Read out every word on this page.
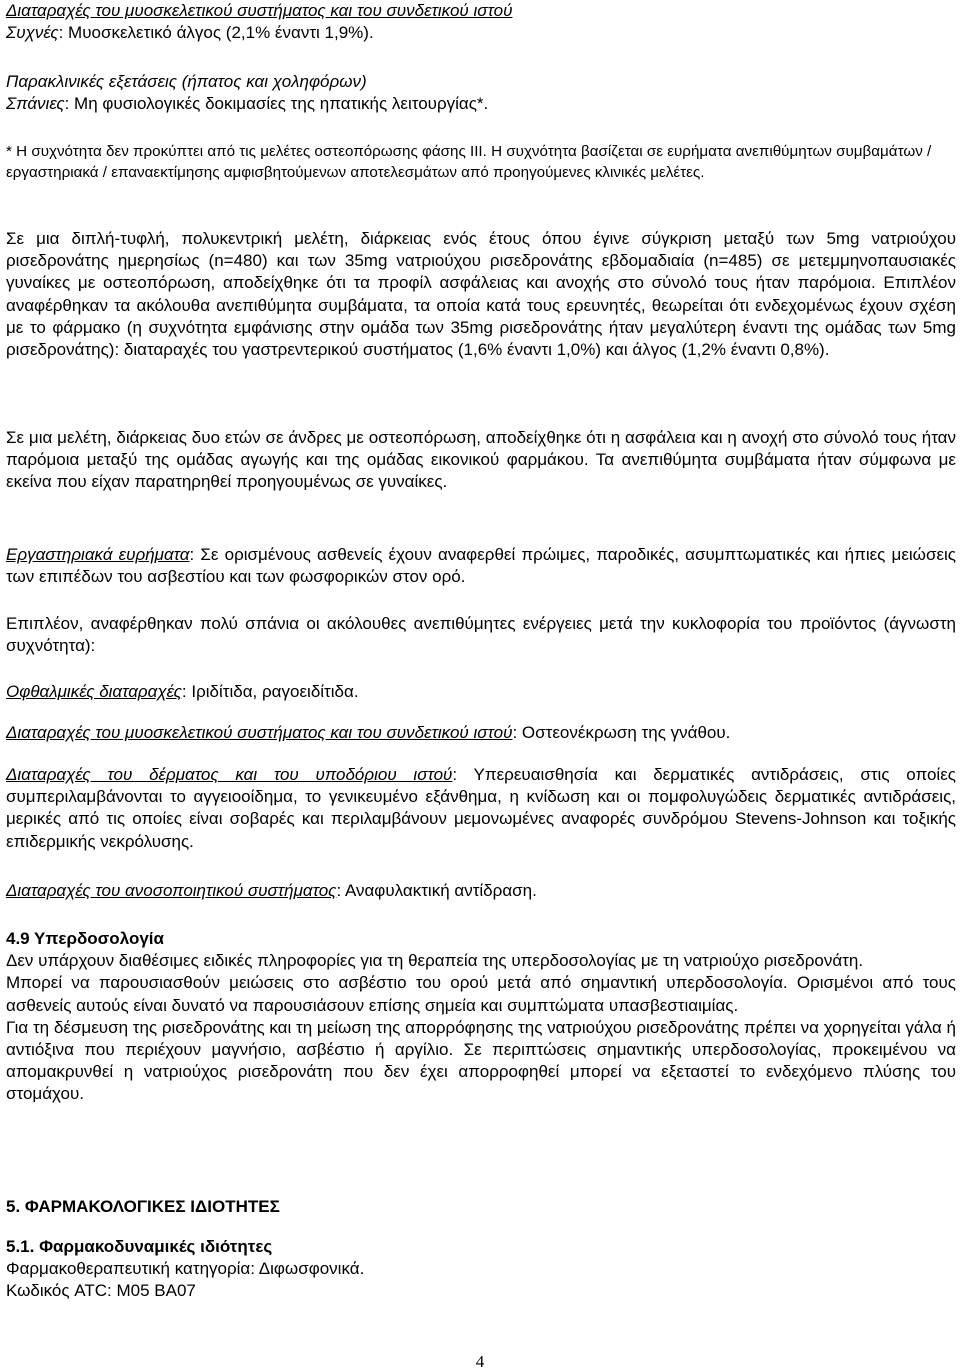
Διαταραχές του μυοσκελετικού συστήματος και του συνδετικού ιστού
Συχνές: Μυοσκελετικό άλγος (2,1% έναντι 1,9%).

Παρακλινικές εξετάσεις (ήπατος και χοληφόρων)
Σπάνιες: Μη φυσιολογικές δοκιμασίες της ηπατικής λειτουργίας*.

* Η συχνότητα δεν προκύπτει από τις μελέτες οστεοπόρωσης φάσης III. Η συχνότητα βασίζεται σε ευρήματα ανεπιθύμητων συμβαμάτων / εργαστηριακά / επαναεκτίμησης αμφισβητούμενων αποτελεσμάτων από προηγούμενες κλινικές μελέτες.

Σε μια διπλή-τυφλή, πολυκεντρική μελέτη, διάρκειας ενός έτους όπου έγινε σύγκριση μεταξύ των 5mg νατριούχου ρισεδρονάτης ημερησίως (n=480) και των 35mg νατριούχου ρισεδρονάτης εβδομαδιαία (n=485) σε μετεμμηνοπαυσιακές γυναίκες με οστεοπόρωση, αποδείχθηκε ότι τα προφίλ ασφάλειας και ανοχής στο σύνολό τους ήταν παρόμοια. Επιπλέον αναφέρθηκαν τα ακόλουθα ανεπιθύμητα συμβάματα, τα οποία κατά τους ερευνητές, θεωρείται ότι ενδεχομένως έχουν σχέση με το φάρμακο (η συχνότητα εμφάνισης στην ομάδα των 35mg ρισεδρονάτης ήταν μεγαλύτερη έναντι της ομάδας των 5mg ρισεδρονάτης): διαταραχές του γαστρεντερικού συστήματος (1,6% έναντι 1,0%) και άλγος (1,2% έναντι 0,8%).

Σε μια μελέτη, διάρκειας δυο ετών σε άνδρες με οστεοπόρωση, αποδείχθηκε ότι η ασφάλεια και η ανοχή στο σύνολό τους ήταν παρόμοια μεταξύ της ομάδας αγωγής και της ομάδας εικονικού φαρμάκου. Τα ανεπιθύμητα συμβάματα ήταν σύμφωνα με εκείνα που είχαν παρατηρηθεί προηγουμένως σε γυναίκες.

Εργαστηριακά ευρήματα: Σε ορισμένους ασθενείς έχουν αναφερθεί πρώιμες, παροδικές, ασυμπτωματικές και ήπιες μειώσεις των επιπέδων του ασβεστίου και των φωσφορικών στον ορό.

Επιπλέον, αναφέρθηκαν πολύ σπάνια οι ακόλουθες ανεπιθύμητες ενέργειες μετά την κυκλοφορία του προϊόντος (άγνωστη συχνότητα):

Οφθαλμικές διαταραχές: Ιριδίτιδα, ραγοειδίτιδα.

Διαταραχές του μυοσκελετικού συστήματος και του συνδετικού ιστού: Οστεονέκρωση της γνάθου.

Διαταραχές του δέρματος και του υποδόριου ιστού: Υπερευαισθησία και δερματικές αντιδράσεις, στις οποίες συμπεριλαμβάνονται το αγγειοοίδημα, το γενικευμένο εξάνθημα, η κνίδωση και οι πομφολυγώδεις δερματικές αντιδράσεις, μερικές από τις οποίες είναι σοβαρές και περιλαμβάνουν μεμονωμένες αναφορές συνδρόμου Stevens-Johnson και τοξικής επιδερμικής νεκρόλυσης.

Διαταραχές του ανοσοποιητικού συστήματος: Αναφυλακτική αντίδραση.

4.9 Υπερδοσολογία
Δεν υπάρχουν διαθέσιμες ειδικές πληροφορίες για τη θεραπεία της υπερδοσολογίας με τη νατριούχο ρισεδρονάτη.
Μπορεί να παρουσιασθούν μειώσεις στο ασβέστιο του ορού μετά από σημαντική υπερδοσολογία. Ορισμένοι από τους ασθενείς αυτούς είναι δυνατό να παρουσιάσουν επίσης σημεία και συμπτώματα υπασβεστιαιμίας.
Για τη δέσμευση της ρισεδρονάτης και τη μείωση της απορρόφησης της νατριούχου ρισεδρονάτης πρέπει να χορηγείται γάλα ή αντιόξινα που περιέχουν μαγνήσιο, ασβέστιο ή αργίλιο. Σε περιπτώσεις σημαντικής υπερδοσολογίας, προκειμένου να απομακρυνθεί η νατριούχος ρισεδρονάτη που δεν έχει απορροφηθεί μπορεί να εξεταστεί το ενδεχόμενο πλύσης του στομάχου.

5. ΦΑΡΜΑΚΟΛΟΓΙΚΕΣ ΙΔΙΟΤΗΤΕΣ

5.1. Φαρμακοδυναμικές ιδιότητες
Φαρμακοθεραπευτική κατηγορία: Διφωσφονικά.
Κωδικός ATC: M05 BA07

4
